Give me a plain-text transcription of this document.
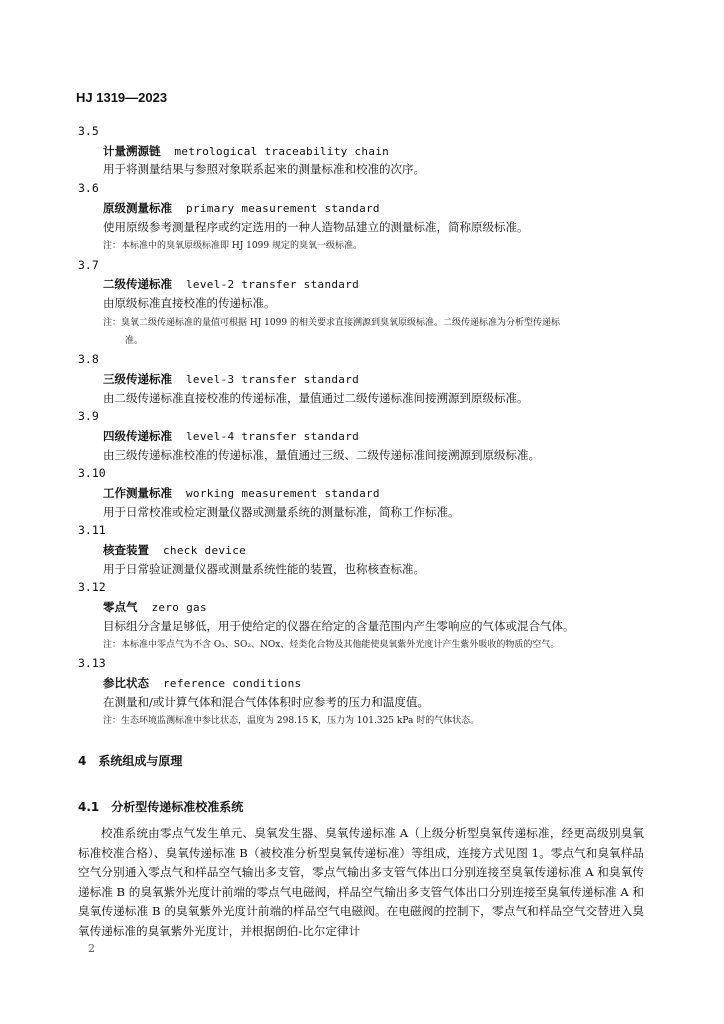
HJ 1319—2023
3.5
计量溯源链 metrological traceability chain
用于将测量结果与参照对象联系起来的测量标准和校准的次序。
3.6
原级测量标准 primary measurement standard
使用原级参考测量程序或约定选用的一种人造物品建立的测量标准，简称原级标准。
注：本标准中的臭氧原级标准即 HJ 1099 规定的臭氧一级标准。
3.7
二级传递标准 level-2 transfer standard
由原级标准直接校准的传递标准。
注：臭氧二级传递标准的量值可根据 HJ 1099 的相关要求直接溯源到臭氧原级标准。二级传递标准为分析型传递标
准。
3.8
三级传递标准 level-3 transfer standard
由二级传递标准直接校准的传递标准，量值通过二级传递标准间接溯源到原级标准。
3.9
四级传递标准 level-4 transfer standard
由三级传递标准校准的传递标准，量值通过三级、二级传递标准间接溯源到原级标准。
3.10
工作测量标准 working measurement standard
用于日常校准或检定测量仪器或测量系统的测量标准，简称工作标准。
3.11
核查装置 check device
用于日常验证测量仪器或测量系统性能的装置，也称核查标准。
3.12
零点气 zero gas
目标组分含量足够低，用于使给定的仪器在给定的含量范围内产生零响应的气体或混合气体。
注：本标准中零点气为不含 O₃、SO₂、NOx、烃类化合物及其他能使臭氧紫外光度计产生紫外吸收的物质的空气。
3.13
参比状态 reference conditions
在测量和/或计算气体和混合气体体积时应参考的压力和温度值。
注：生态环境监测标准中参比状态，温度为 298.15 K，压力为 101.325 kPa 时的气体状态。
4 系统组成与原理
4.1 分析型传递标准校准系统
校准系统由零点气发生单元、臭氧发生器、臭氧传递标准 A（上级分析型臭氧传递标准，经更高级别臭氧标准校准合格）、臭氧传递标准 B（被校准分析型臭氧传递标准）等组成，连接方式见图 1。零点气和臭氧样品空气分别通入零点气和样品空气输出多支管，零点气输出多支管气体出口分别连接至臭氧传递标准 A 和臭氧传递标准 B 的臭氧紫外光度计前端的零点气电磁阀，样品空气输出多支管气体出口分别连接至臭氧传递标准 A 和臭氧传递标准 B 的臭氧紫外光度计前端的样品空气电磁阀。在电磁阀的控制下，零点气和样品空气交替进入臭氧传递标准的臭氧紫外光度计，并根据朗伯-比尔定律计
2
